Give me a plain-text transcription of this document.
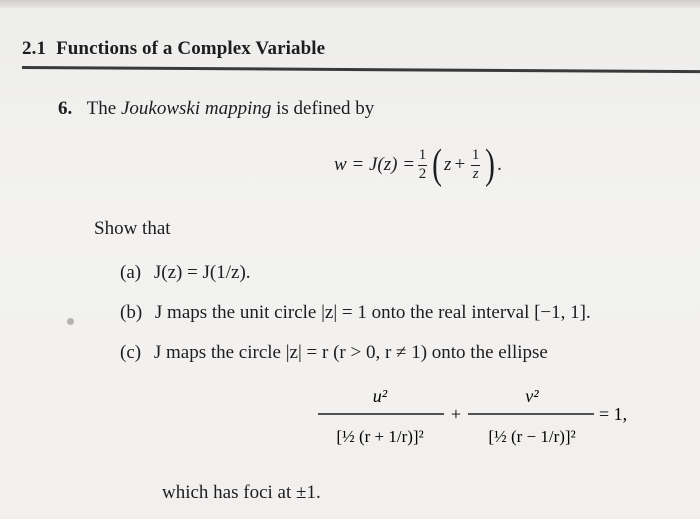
2.1 Functions of a Complex Variable
6. The Joukowski mapping is defined by
$w = J(z) = \frac{1}{2}$ ( $z + \frac{1}{z}$ ) .
Show that
(a) J(z) = J(1/z).
(b) J maps the unit circle |z| = 1 onto the real interval [−1, 1].
(c) J maps the circle |z| = r (r > 0, r ≠ 1) onto the ellipse
u²
[½ (r + 1/r)]²
+
v²
[½ (r − 1/r)]²
= 1,
which has foci at ±1.
